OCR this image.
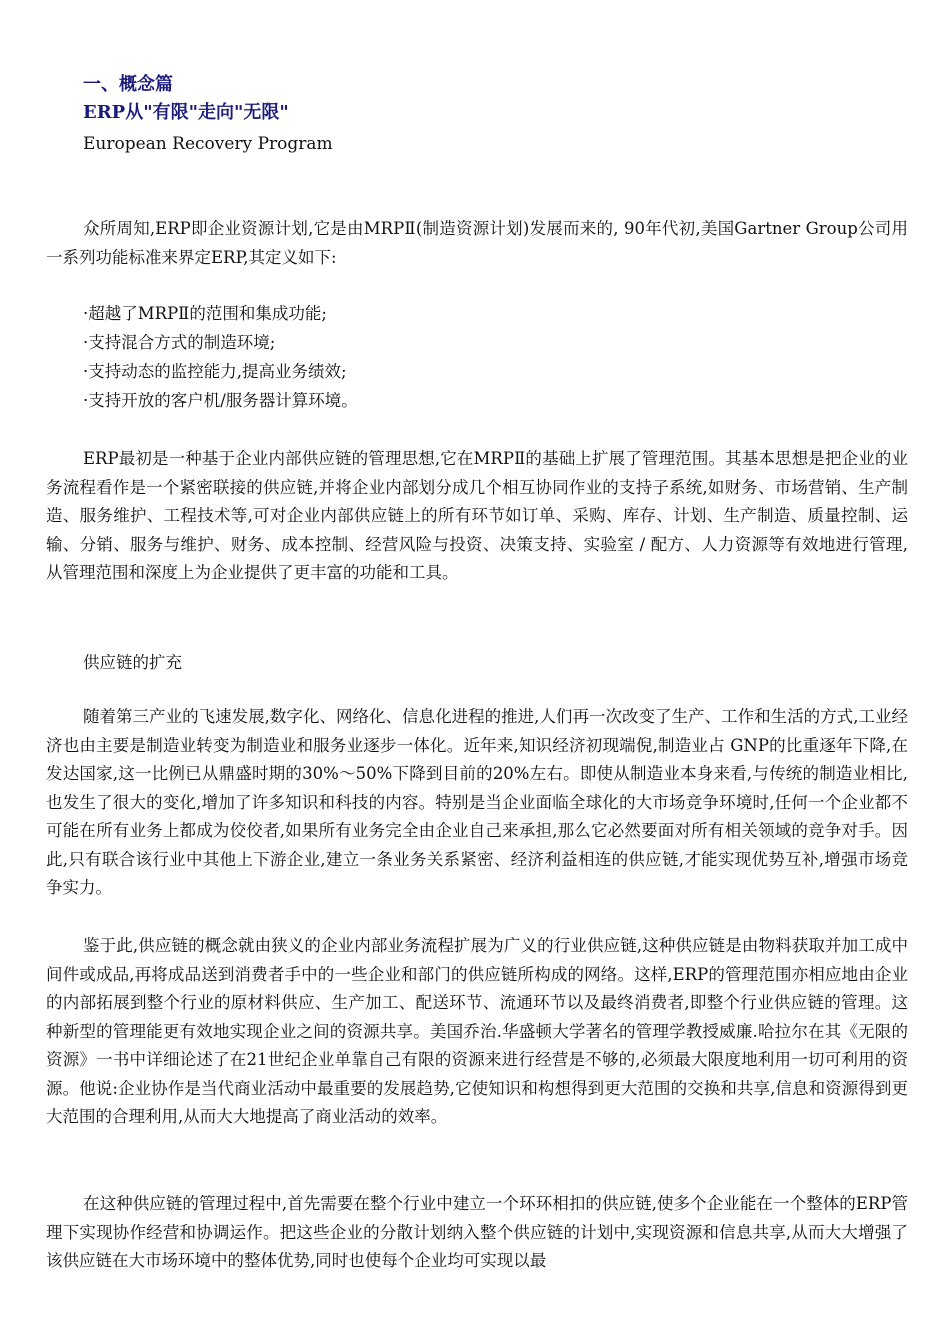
一、概念篇
ERP从"有限"走向"无限"
European Recovery Program

众所周知,ERP即企业资源计划,它是由MRPⅡ(制造资源计划)发展而来的, 90年代初,美国Gartner Group公司用一系列功能标准来界定ERP,其定义如下:

·超越了MRPⅡ的范围和集成功能;
·支持混合方式的制造环境;
·支持动态的监控能力,提高业务绩效;
·支持开放的客户机/服务器计算环境。

ERP最初是一种基于企业内部供应链的管理思想,它在MRPⅡ的基础上扩展了管理范围。其基本思想是把企业的业务流程看作是一个紧密联接的供应链,并将企业内部划分成几个相互协同作业的支持子系统,如财务、市场营销、生产制造、服务维护、工程技术等,可对企业内部供应链上的所有环节如订单、采购、库存、计划、生产制造、质量控制、运输、分销、服务与维护、财务、成本控制、经营风险与投资、决策支持、实验室 / 配方、人力资源等有效地进行管理,从管理范围和深度上为企业提供了更丰富的功能和工具。

供应链的扩充

随着第三产业的飞速发展,数字化、网络化、信息化进程的推进,人们再一次改变了生产、工作和生活的方式,工业经济也由主要是制造业转变为制造业和服务业逐步一体化。近年来,知识经济初现端倪,制造业占 GNP的比重逐年下降,在发达国家,这一比例已从鼎盛时期的30%～50%下降到目前的20%左右。即使从制造业本身来看,与传统的制造业相比,也发生了很大的变化,增加了许多知识和科技的内容。特别是当企业面临全球化的大市场竞争环境时,任何一个企业都不可能在所有业务上都成为佼佼者,如果所有业务完全由企业自己来承担,那么它必然要面对所有相关领域的竞争对手。因此,只有联合该行业中其他上下游企业,建立一条业务关系紧密、经济利益相连的供应链,才能实现优势互补,增强市场竞争实力。

鉴于此,供应链的概念就由狭义的企业内部业务流程扩展为广义的行业供应链,这种供应链是由物料获取并加工成中间件或成品,再将成品送到消费者手中的一些企业和部门的供应链所构成的网络。这样,ERP的管理范围亦相应地由企业的内部拓展到整个行业的原材料供应、生产加工、配送环节、流通环节以及最终消费者,即整个行业供应链的管理。这种新型的管理能更有效地实现企业之间的资源共享。美国乔治.华盛顿大学著名的管理学教授威廉.哈拉尔在其《无限的资源》一书中详细论述了在21世纪企业单靠自己有限的资源来进行经营是不够的,必须最大限度地利用一切可利用的资源。他说:企业协作是当代商业活动中最重要的发展趋势,它使知识和构想得到更大范围的交换和共享,信息和资源得到更大范围的合理利用,从而大大地提高了商业活动的效率。

在这种供应链的管理过程中,首先需要在整个行业中建立一个环环相扣的供应链,使多个企业能在一个整体的ERP管理下实现协作经营和协调运作。把这些企业的分散计划纳入整个供应链的计划中,实现资源和信息共享,从而大大增强了该供应链在大市场环境中的整体优势,同时也使每个企业均可实现以最
